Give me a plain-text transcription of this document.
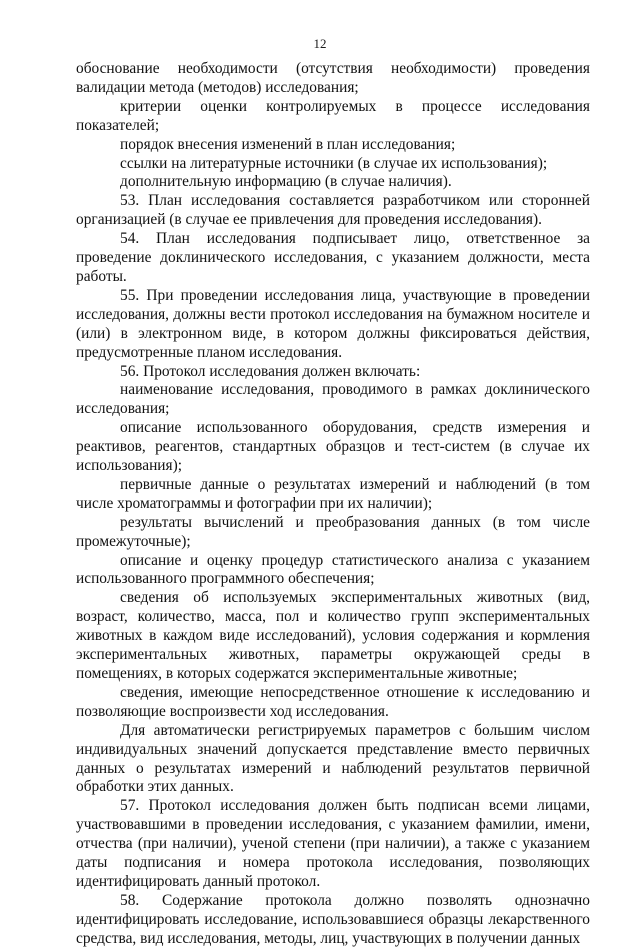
12

обоснование необходимости (отсутствия необходимости) проведения валидации метода (методов) исследования;

критерии оценки контролируемых в процессе исследования показателей;

порядок внесения изменений в план исследования;

ссылки на литературные источники (в случае их использования);

дополнительную информацию (в случае наличия).

53. План исследования составляется разработчиком или сторонней организацией (в случае ее привлечения для проведения исследования).

54. План исследования подписывает лицо, ответственное за проведение доклинического исследования, с указанием должности, места работы.

55. При проведении исследования лица, участвующие в проведении исследования, должны вести протокол исследования на бумажном носителе и (или) в электронном виде, в котором должны фиксироваться действия, предусмотренные планом исследования.

56. Протокол исследования должен включать:

наименование исследования, проводимого в рамках доклинического исследования;

описание использованного оборудования, средств измерения и реактивов, реагентов, стандартных образцов и тест-систем (в случае их использования);

первичные данные о результатах измерений и наблюдений (в том числе хроматограммы и фотографии при их наличии);

результаты вычислений и преобразования данных (в том числе промежуточные);

описание и оценку процедур статистического анализа с указанием использованного программного обеспечения;

сведения об используемых экспериментальных животных (вид, возраст, количество, масса, пол и количество групп экспериментальных животных в каждом виде исследований), условия содержания и кормления экспериментальных животных, параметры окружающей среды в помещениях, в которых содержатся экспериментальные животные;

сведения, имеющие непосредственное отношение к исследованию и позволяющие воспроизвести ход исследования.

Для автоматически регистрируемых параметров с большим числом индивидуальных значений допускается представление вместо первичных данных о результатах измерений и наблюдений результатов первичной обработки этих данных.

57. Протокол исследования должен быть подписан всеми лицами, участвовавшими в проведении исследования, с указанием фамилии, имени, отчества (при наличии), ученой степени (при наличии), а также с указанием даты подписания и номера протокола исследования, позволяющих идентифицировать данный протокол.

58. Содержание протокола должно позволять однозначно идентифицировать исследование, использовавшиеся образцы лекарственного средства, вид исследования, методы, лиц, участвующих в получении данных
